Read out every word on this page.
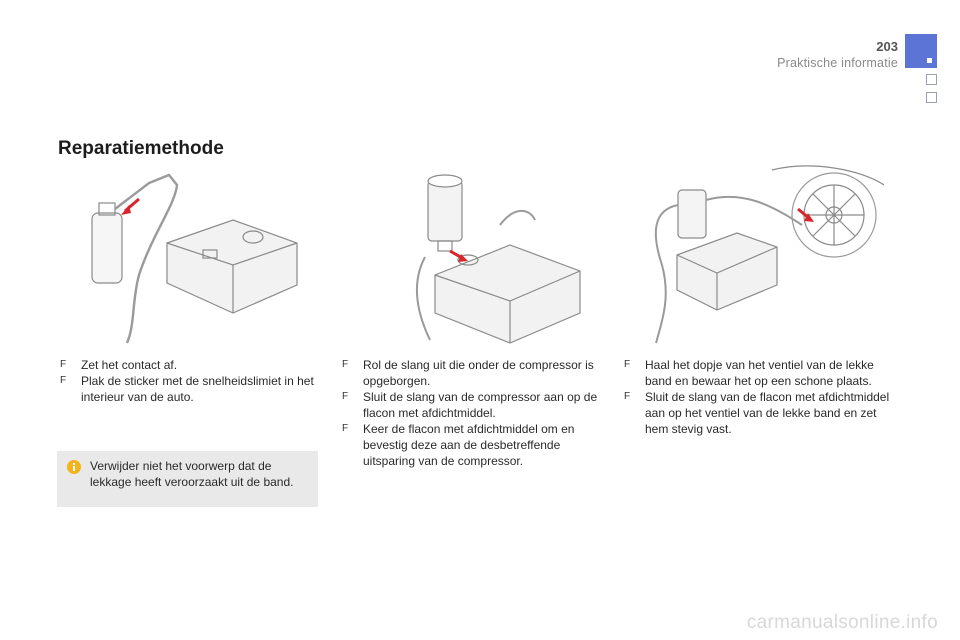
203
Praktische informatie
Reparatiemethode
F Zet het contact af.
F Plak de sticker met de snelheidslimiet in het interieur van de auto.
F Rol de slang uit die onder de compressor is opgeborgen.
F Sluit de slang van de compressor aan op de flacon met afdichtmiddel.
F Keer de flacon met afdichtmiddel om en bevestig deze aan de desbetreffende uitsparing van de compressor.
F Haal het dopje van het ventiel van de lekke band en bewaar het op een schone plaats.
F Sluit de slang van de flacon met afdichtmiddel aan op het ventiel van de lekke band en zet hem stevig vast.
Verwijder niet het voorwerp dat de lekkage heeft veroorzaakt uit de band.
carmanualsonline.info
